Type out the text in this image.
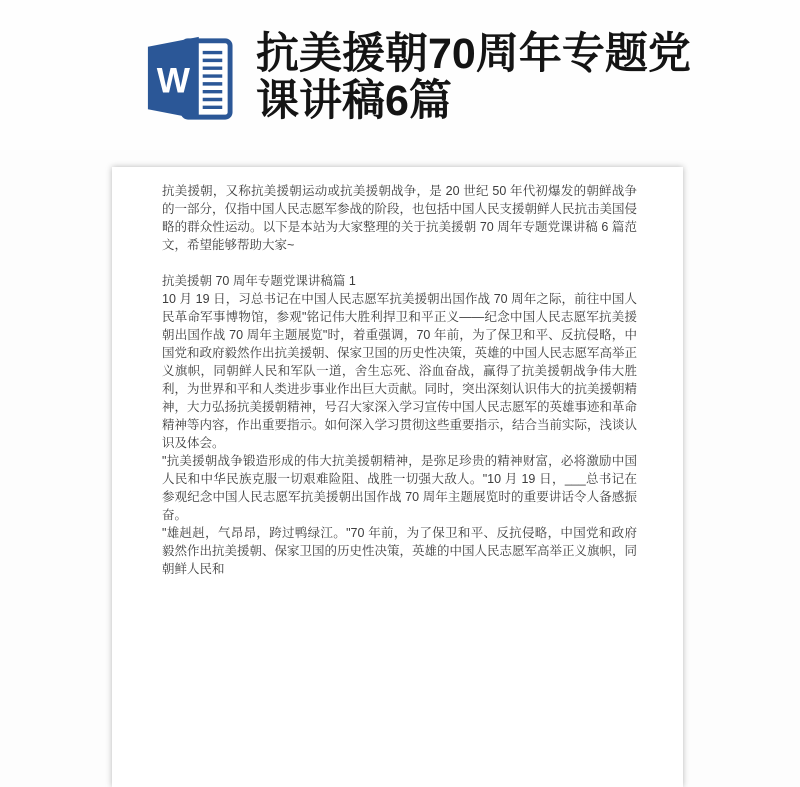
W
抗美援朝70周年专题党课讲稿6篇

抗美援朝，又称抗美援朝运动或抗美援朝战争，是 20 世纪 50 年代初爆发的朝鲜战争的一部分，仅指中国人民志愿军参战的阶段，也包括中国人民支援朝鲜人民抗击美国侵略的群众性运动。以下是本站为大家整理的关于抗美援朝 70 周年专题党课讲稿 6 篇范文，希望能够帮助大家~

抗美援朝 70 周年专题党课讲稿篇 1

10 月 19 日，习总书记在中国人民志愿军抗美援朝出国作战 70 周年之际，前往中国人民革命军事博物馆，参观"铭记伟大胜利捍卫和平正义——纪念中国人民志愿军抗美援朝出国作战 70 周年主题展览"时，着重强调，70 年前，为了保卫和平、反抗侵略，中国党和政府毅然作出抗美援朝、保家卫国的历史性决策，英雄的中国人民志愿军高举正义旗帜，同朝鲜人民和军队一道，舍生忘死、浴血奋战，赢得了抗美援朝战争伟大胜利，为世界和平和人类进步事业作出巨大贡献。同时，突出深刻认识伟大的抗美援朝精神，大力弘扬抗美援朝精神，号召大家深入学习宣传中国人民志愿军的英雄事迹和革命精神等内容，作出重要指示。如何深入学习贯彻这些重要指示，结合当前实际，浅谈认识及体会。

"抗美援朝战争锻造形成的伟大抗美援朝精神，是弥足珍贵的精神财富，必将激励中国人民和中华民族克服一切艰难险阻、战胜一切强大敌人。"10 月 19 日，___总书记在参观纪念中国人民志愿军抗美援朝出国作战 70 周年主题展览时的重要讲话令人备感振奋。

"雄赳赳，气昂昂，跨过鸭绿江。"70 年前，为了保卫和平、反抗侵略，中国党和政府毅然作出抗美援朝、保家卫国的历史性决策，英雄的中国人民志愿军高举正义旗帜，同朝鲜人民和
